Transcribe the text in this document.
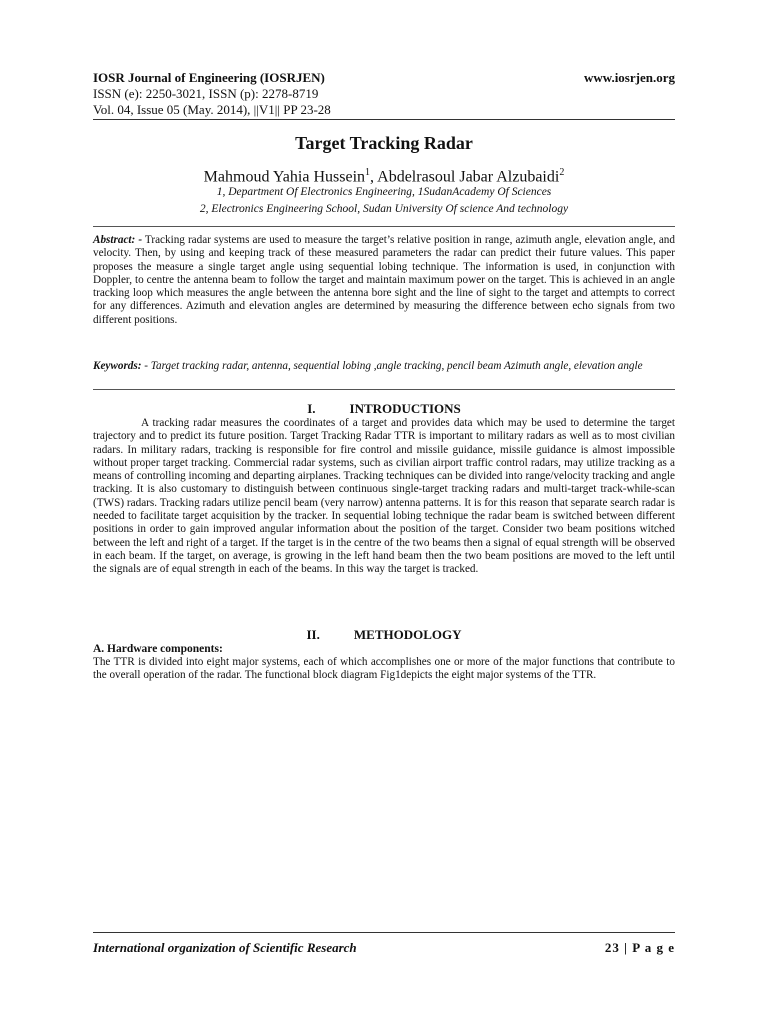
IOSR Journal of Engineering (IOSRJEN)	www.iosrjen.org
ISSN (e): 2250-3021, ISSN (p): 2278-8719
Vol. 04, Issue 05 (May. 2014), ||V1|| PP 23-28
Target Tracking Radar
Mahmoud Yahia Hussein$^1$, Abdelrasoul Jabar Alzubaidi$^2$
1, Department Of Electronics Engineering, 1SudanAcademy Of Sciences
2, Electronics Engineering School, Sudan University Of science And technology
Abstract: - Tracking radar systems are used to measure the target’s relative position in range, azimuth angle, elevation angle, and velocity. Then, by using and keeping track of these measured parameters the radar can predict their future values. This paper proposes the measure a single target angle using sequential lobing technique. The information is used, in conjunction with Doppler, to centre the antenna beam to follow the target and maintain maximum power on the target. This is achieved in an angle tracking loop which measures the angle between the antenna bore sight and the line of sight to the target and attempts to correct for any differences. Azimuth and elevation angles are determined by measuring the difference between echo signals from two different positions.
Keywords: - Target tracking radar, antenna, sequential lobing ,angle tracking, pencil beam Azimuth angle, elevation angle
I.	INTRODUCTIONS
A tracking radar measures the coordinates of a target and provides data which may be used to determine the target trajectory and to predict its future position. Target Tracking Radar TTR is important to military radars as well as to most civilian radars. In military radars, tracking is responsible for fire control and missile guidance, missile guidance is almost impossible without proper target tracking. Commercial radar systems, such as civilian airport traffic control radars, may utilize tracking as a means of controlling incoming and departing airplanes. Tracking techniques can be divided into range/velocity tracking and angle tracking. It is also customary to distinguish between continuous single-target tracking radars and multi-target track-while-scan (TWS) radars. Tracking radars utilize pencil beam (very narrow) antenna patterns. It is for this reason that separate search radar is needed to facilitate target acquisition by the tracker. In sequential lobing technique the radar beam is switched between different positions in order to gain improved angular information about the position of the target. Consider two beam positions witched between the left and right of a target. If the target is in the centre of the two beams then a signal of equal strength will be observed in each beam. If the target, on average, is growing in the left hand beam then the two beam positions are moved to the left until the signals are of equal strength in each of the beams. In this way the target is tracked.
II.	METHODOLOGY
A. Hardware components:
The TTR is divided into eight major systems, each of which accomplishes one or more of the major functions that contribute to the overall operation of the radar. The functional block diagram Fig1depicts the eight major systems of the TTR.
International organization of Scientific Research	23 | P a g e
